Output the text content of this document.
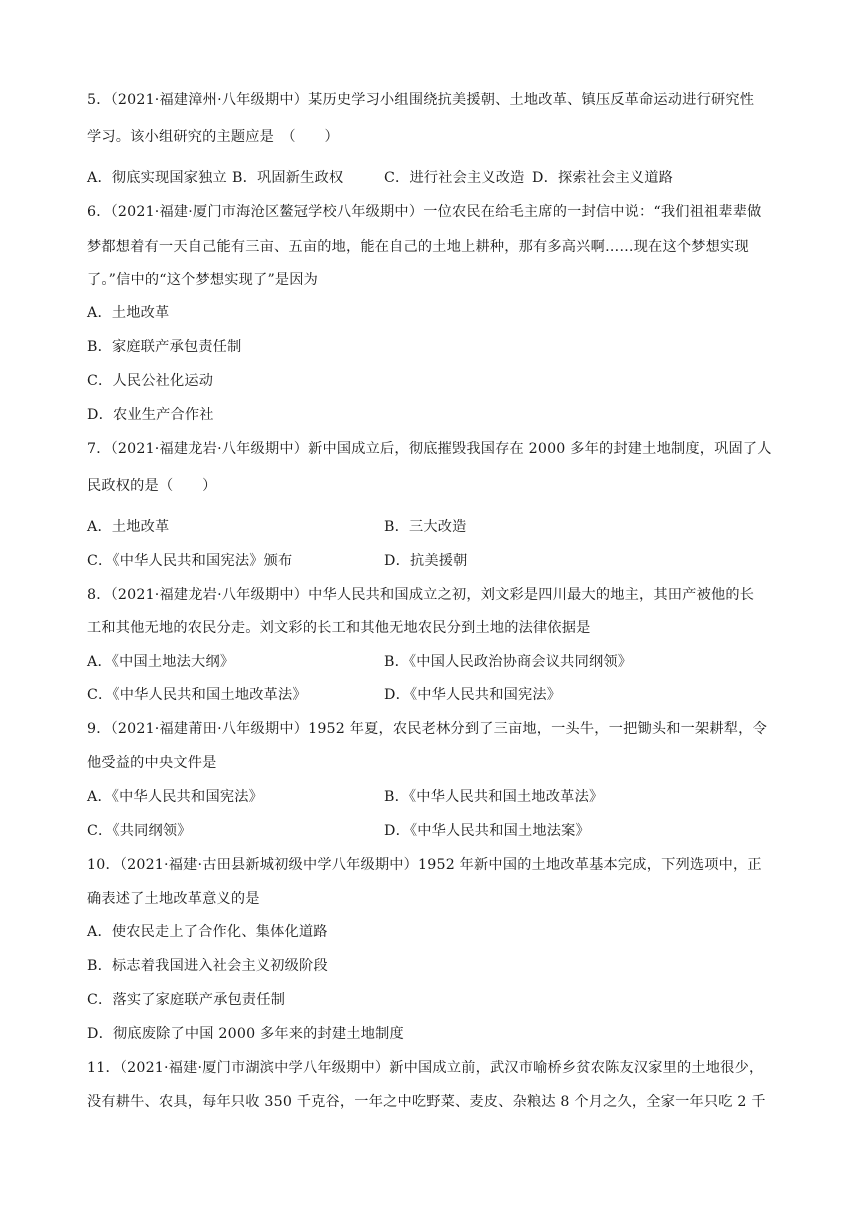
5．（2021·福建漳州·八年级期中）某历史学习小组围绕抗美援朝、土地改革、镇压反革命运动进行研究性
学习。该小组研究的主题应是　（　　）
A．彻底实现国家独立 B．巩固新生政权	C．进行社会主义改造 D．探索社会主义道路
6．（2021·福建·厦门市海沧区鳌冠学校八年级期中）一位农民在给毛主席的一封信中说：“我们祖祖辈辈做
梦都想着有一天自己能有三亩、五亩的地，能在自己的土地上耕种，那有多高兴啊……现在这个梦想实现
了。”信中的“这个梦想实现了”是因为
A．土地改革
B．家庭联产承包责任制
C．人民公社化运动
D．农业生产合作社
7．（2021·福建龙岩·八年级期中）新中国成立后，彻底摧毁我国存在 2000 多年的封建土地制度，巩固了人
民政权的是（　　）
A．土地改革	B．三大改造
C．《中华人民共和国宪法》颁布	D．抗美援朝
8．（2021·福建龙岩·八年级期中）中华人民共和国成立之初，刘文彩是四川最大的地主，其田产被他的长
工和其他无地的农民分走。刘文彩的长工和其他无地农民分到土地的法律依据是
A．《中国土地法大纲》	B．《中国人民政治协商会议共同纲领》
C．《中华人民共和国土地改革法》	D．《中华人民共和国宪法》
9．（2021·福建莆田·八年级期中）1952 年夏，农民老林分到了三亩地，一头牛，一把锄头和一架耕犁，令
他受益的中央文件是
A．《中华人民共和国宪法》	B．《中华人民共和国土地改革法》
C．《共同纲领》	D．《中华人民共和国土地法案》
10．（2021·福建·古田县新城初级中学八年级期中）1952 年新中国的土地改革基本完成，下列选项中，正
确表述了土地改革意义的是
A．使农民走上了合作化、集体化道路
B．标志着我国进入社会主义初级阶段
C．落实了家庭联产承包责任制
D．彻底废除了中国 2000 多年来的封建土地制度
11．（2021·福建·厦门市湖滨中学八年级期中）新中国成立前，武汉市喻桥乡贫农陈友汉家里的土地很少，
没有耕牛、农具，每年只收 350 千克谷，一年之中吃野菜、麦皮、杂粮达 8 个月之久，全家一年只吃 2 千
